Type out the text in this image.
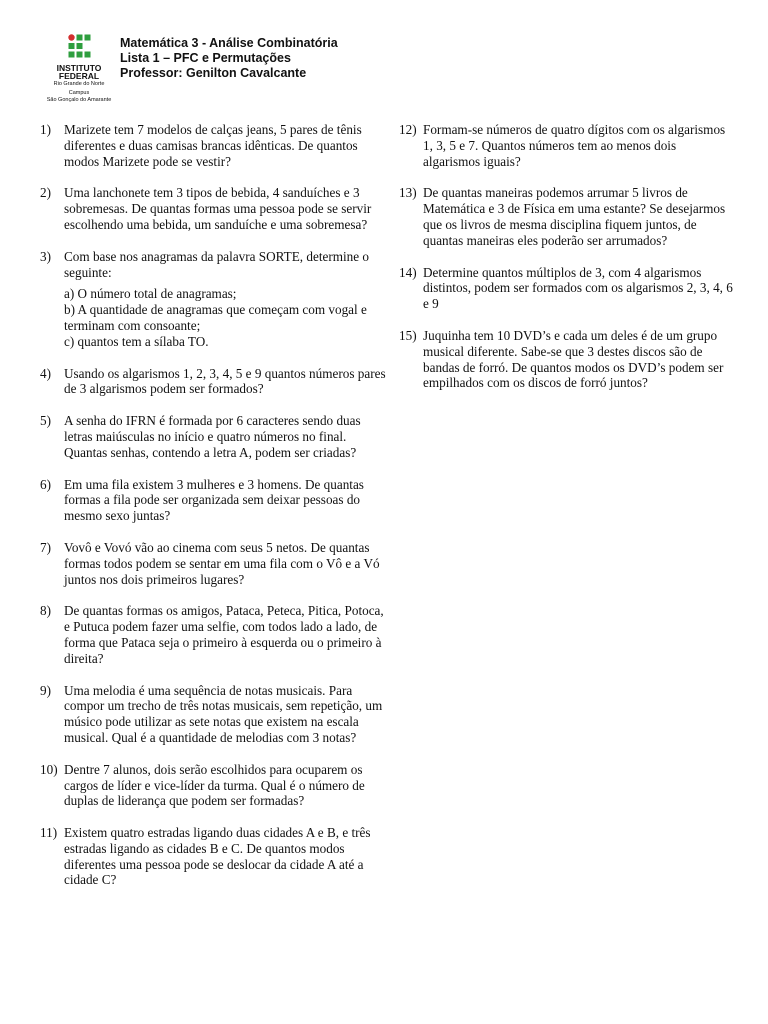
INSTITUTO
FEDERAL
Rio Grande do Norte
Campus
São Gonçalo do Amarante
Matemática 3 - Análise Combinatória
Lista 1 – PFC e Permutações
Professor: Genilton Cavalcante
1) Marizete tem 7 modelos de calças jeans, 5 pares de tênis diferentes e duas camisas brancas idênticas. De quantos modos Marizete pode se vestir?
2) Uma lanchonete tem 3 tipos de bebida, 4 sanduíches e 3 sobremesas. De quantas formas uma pessoa pode se servir escolhendo uma bebida, um sanduíche e uma sobremesa?
3) Com base nos anagramas da palavra SORTE, determine o seguinte:
a) O número total de anagramas;
b) A quantidade de anagramas que começam com vogal e terminam com consoante;
c) quantos tem a sílaba TO.
4) Usando os algarismos 1, 2, 3, 4, 5 e 9 quantos números pares de 3 algarismos podem ser formados?
5) A senha do IFRN é formada por 6 caracteres sendo duas letras maiúsculas no início e quatro números no final. Quantas senhas, contendo a letra A, podem ser criadas?
6) Em uma fila existem 3 mulheres e 3 homens. De quantas formas a fila pode ser organizada sem deixar pessoas do mesmo sexo juntas?
7) Vovô e Vovó vão ao cinema com seus 5 netos. De quantas formas todos podem se sentar em uma fila com o Vô e a Vó juntos nos dois primeiros lugares?
8) De quantas formas os amigos, Pataca, Peteca, Pitica, Potoca, e Putuca podem fazer uma selfie, com todos lado a lado, de forma que Pataca seja o primeiro à esquerda ou o primeiro à direita?
9) Uma melodia é uma sequência de notas musicais. Para compor um trecho de três notas musicais, sem repetição, um músico pode utilizar as sete notas que existem na escala musical. Qual é a quantidade de melodias com 3 notas?
10) Dentre 7 alunos, dois serão escolhidos para ocuparem os cargos de líder e vice-líder da turma. Qual é o número de duplas de liderança que podem ser formadas?
11) Existem quatro estradas ligando duas cidades A e B, e três estradas ligando as cidades B e C. De quantos modos diferentes uma pessoa pode se deslocar da cidade A até a cidade C?
12) Formam-se números de quatro dígitos com os algarismos 1, 3, 5 e 7. Quantos números tem ao menos dois algarismos iguais?
13) De quantas maneiras podemos arrumar 5 livros de Matemática e 3 de Física em uma estante? Se desejarmos que os livros de mesma disciplina fiquem juntos, de quantas maneiras eles poderão ser arrumados?
14) Determine quantos múltiplos de 3, com 4 algarismos distintos, podem ser formados com os algarismos 2, 3, 4, 6 e 9
15) Juquinha tem 10 DVD’s e cada um deles é de um grupo musical diferente. Sabe-se que 3 destes discos são de bandas de forró. De quantos modos os DVD’s podem ser empilhados com os discos de forró juntos?
